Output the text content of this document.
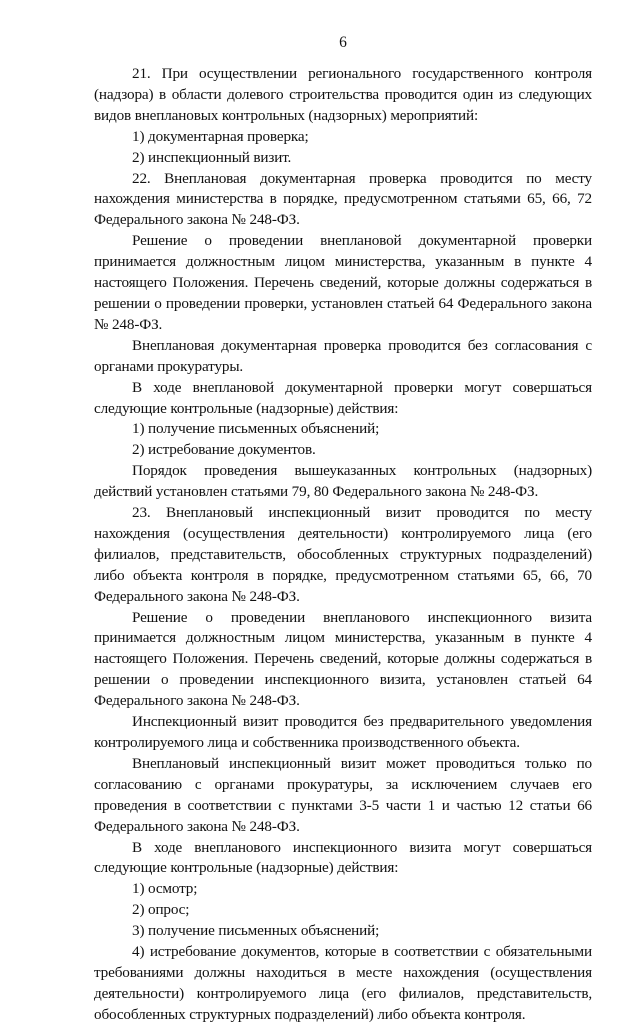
6

21. При осуществлении регионального государственного контроля (надзора) в области долевого строительства проводится один из следующих видов внеплановых контрольных (надзорных) мероприятий:

1) документарная проверка;

2) инспекционный визит.

22. Внеплановая документарная проверка проводится по месту нахождения министерства в порядке, предусмотренном статьями 65, 66, 72 Федерального закона № 248-ФЗ.

Решение о проведении внеплановой документарной проверки принимается должностным лицом министерства, указанным в пункте 4 настоящего Положения. Перечень сведений, которые должны содержаться в решении о проведении проверки, установлен статьей 64 Федерального закона № 248-ФЗ.

Внеплановая документарная проверка проводится без согласования с органами прокуратуры.

В ходе внеплановой документарной проверки могут совершаться следующие контрольные (надзорные) действия:

1) получение письменных объяснений;

2) истребование документов.

Порядок проведения вышеуказанных контрольных (надзорных) действий установлен статьями 79, 80 Федерального закона № 248-ФЗ.

23. Внеплановый инспекционный визит проводится по месту нахождения (осуществления деятельности) контролируемого лица (его филиалов, представительств, обособленных структурных подразделений) либо объекта контроля в порядке, предусмотренном статьями 65, 66, 70 Федерального закона № 248-ФЗ.

Решение о проведении внепланового инспекционного визита принимается должностным лицом министерства, указанным в пункте 4 настоящего Положения. Перечень сведений, которые должны содержаться в решении о проведении инспекционного визита, установлен статьей 64 Федерального закона № 248-ФЗ.

Инспекционный визит проводится без предварительного уведомления контролируемого лица и собственника производственного объекта.

Внеплановый инспекционный визит может проводиться только по согласованию с органами прокуратуры, за исключением случаев его проведения в соответствии с пунктами 3-5 части 1 и частью 12 статьи 66 Федерального закона № 248-ФЗ.

В ходе внепланового инспекционного визита могут совершаться следующие контрольные (надзорные) действия:

1) осмотр;

2) опрос;

3) получение письменных объяснений;

4) истребование документов, которые в соответствии с обязательными требованиями должны находиться в месте нахождения (осуществления деятельности) контролируемого лица (его филиалов, представительств, обособленных структурных подразделений) либо объекта контроля.
